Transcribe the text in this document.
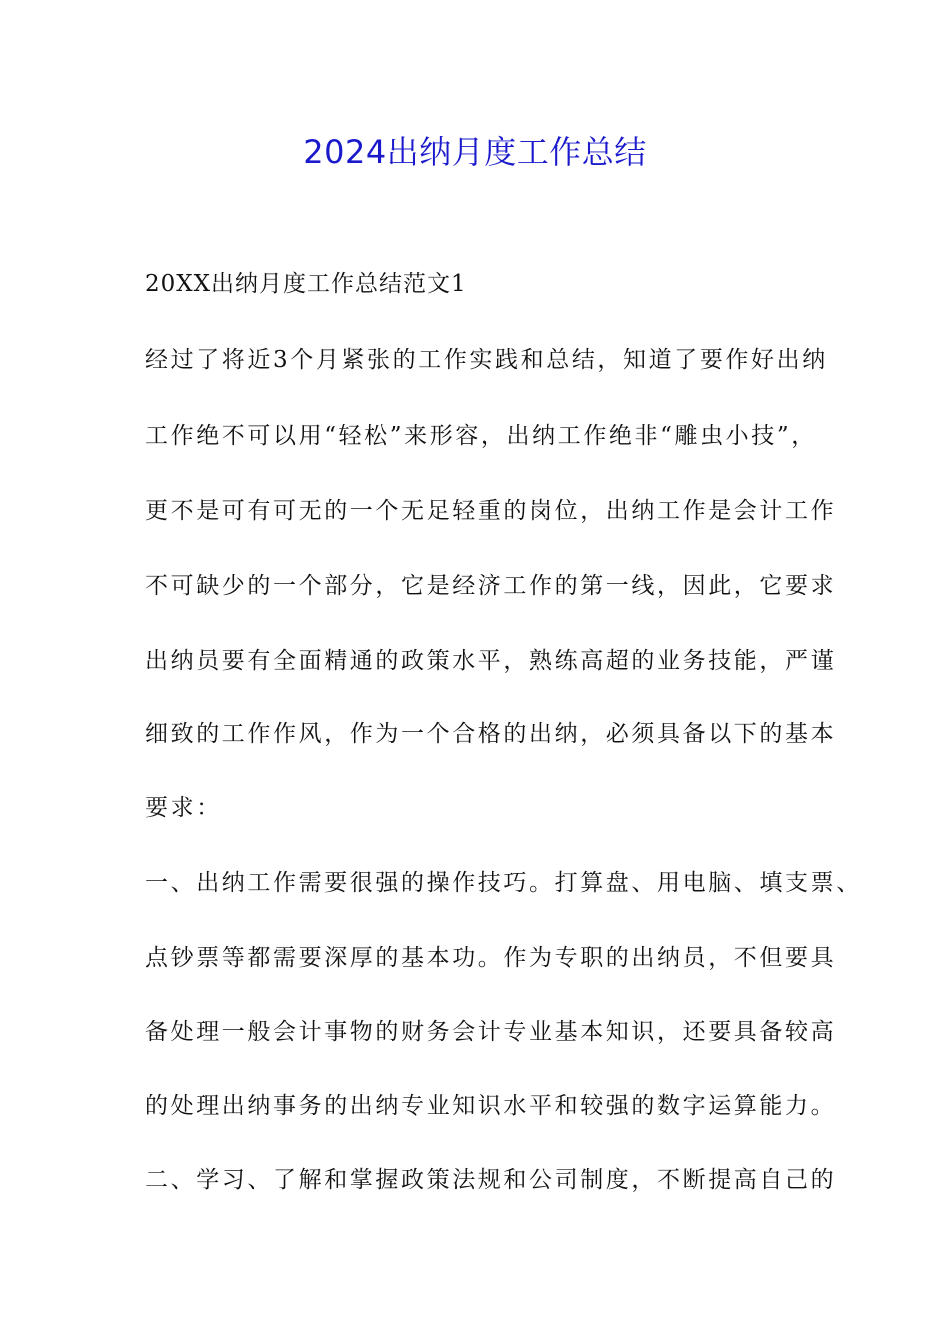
2024出纳月度工作总结

20XX出纳月度工作总结范文1

经过了将近3个月紧张的工作实践和总结，知道了要作好出纳

工作绝不可以用“轻松”来形容，出纳工作绝非“雕虫小技”，

更不是可有可无的一个无足轻重的岗位，出纳工作是会计工作

不可缺少的一个部分，它是经济工作的第一线，因此，它要求

出纳员要有全面精通的政策水平，熟练高超的业务技能，严谨

细致的工作作风，作为一个合格的出纳，必须具备以下的基本

要求：

一、出纳工作需要很强的操作技巧。打算盘、用电脑、填支票、

点钞票等都需要深厚的基本功。作为专职的出纳员，不但要具

备处理一般会计事物的财务会计专业基本知识，还要具备较高

的处理出纳事务的出纳专业知识水平和较强的数字运算能力。

二、学习、了解和掌握政策法规和公司制度，不断提高自己的
